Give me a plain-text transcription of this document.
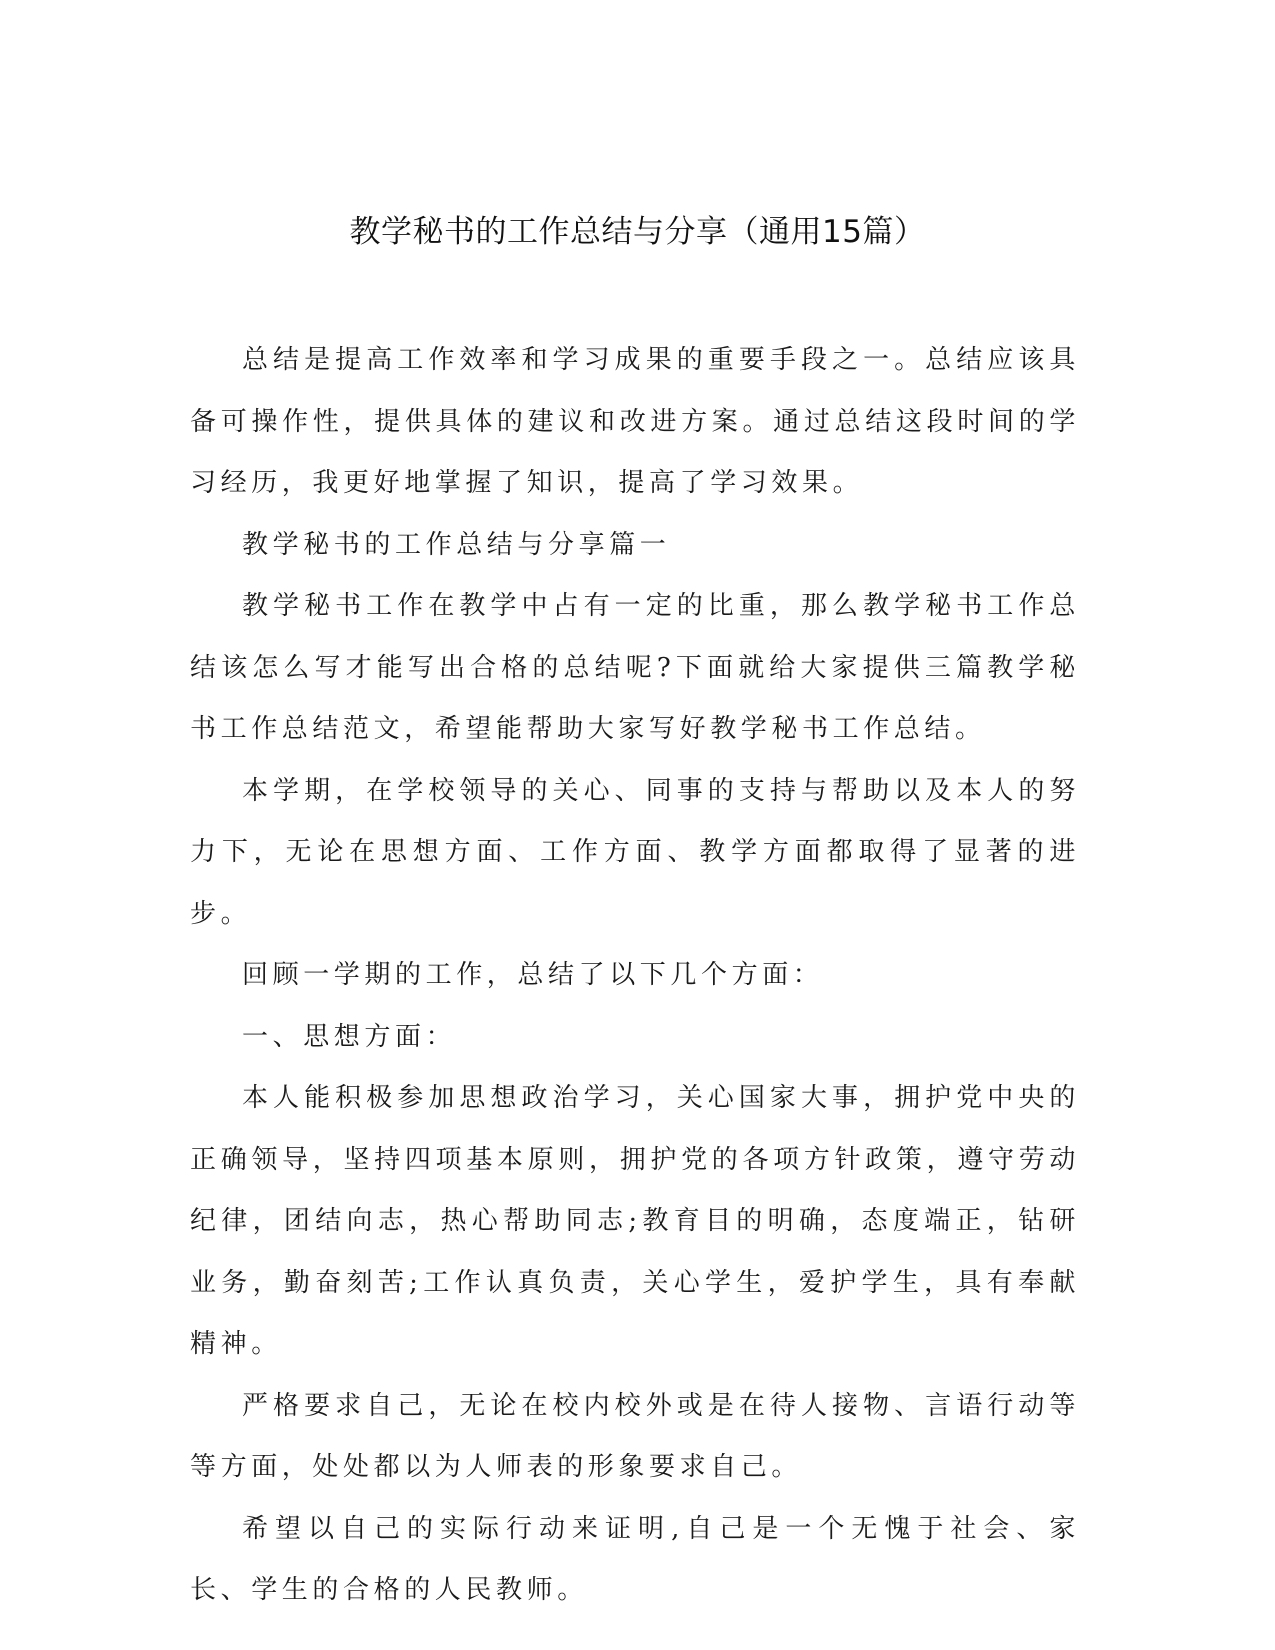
教学秘书的工作总结与分享（通用15篇）

总结是提高工作效率和学习成果的重要手段之一。总结应该具备可操作性，提供具体的建议和改进方案。通过总结这段时间的学习经历，我更好地掌握了知识，提高了学习效果。

教学秘书的工作总结与分享篇一

教学秘书工作在教学中占有一定的比重，那么教学秘书工作总结该怎么写才能写出合格的总结呢?下面就给大家提供三篇教学秘书工作总结范文，希望能帮助大家写好教学秘书工作总结。

本学期，在学校领导的关心、同事的支持与帮助以及本人的努力下，无论在思想方面、工作方面、教学方面都取得了显著的进步。

回顾一学期的工作，总结了以下几个方面：

一、思想方面：

本人能积极参加思想政治学习，关心国家大事，拥护党中央的正确领导，坚持四项基本原则，拥护党的各项方针政策，遵守劳动纪律，团结向志，热心帮助同志;教育目的明确，态度端正，钻研业务，勤奋刻苦;工作认真负责，关心学生，爱护学生，具有奉献精神。

严格要求自己，无论在校内校外或是在待人接物、言语行动等等方面，处处都以为人师表的形象要求自己。

希望以自己的实际行动来证明,自己是一个无愧于社会、家长、学生的合格的人民教师。
